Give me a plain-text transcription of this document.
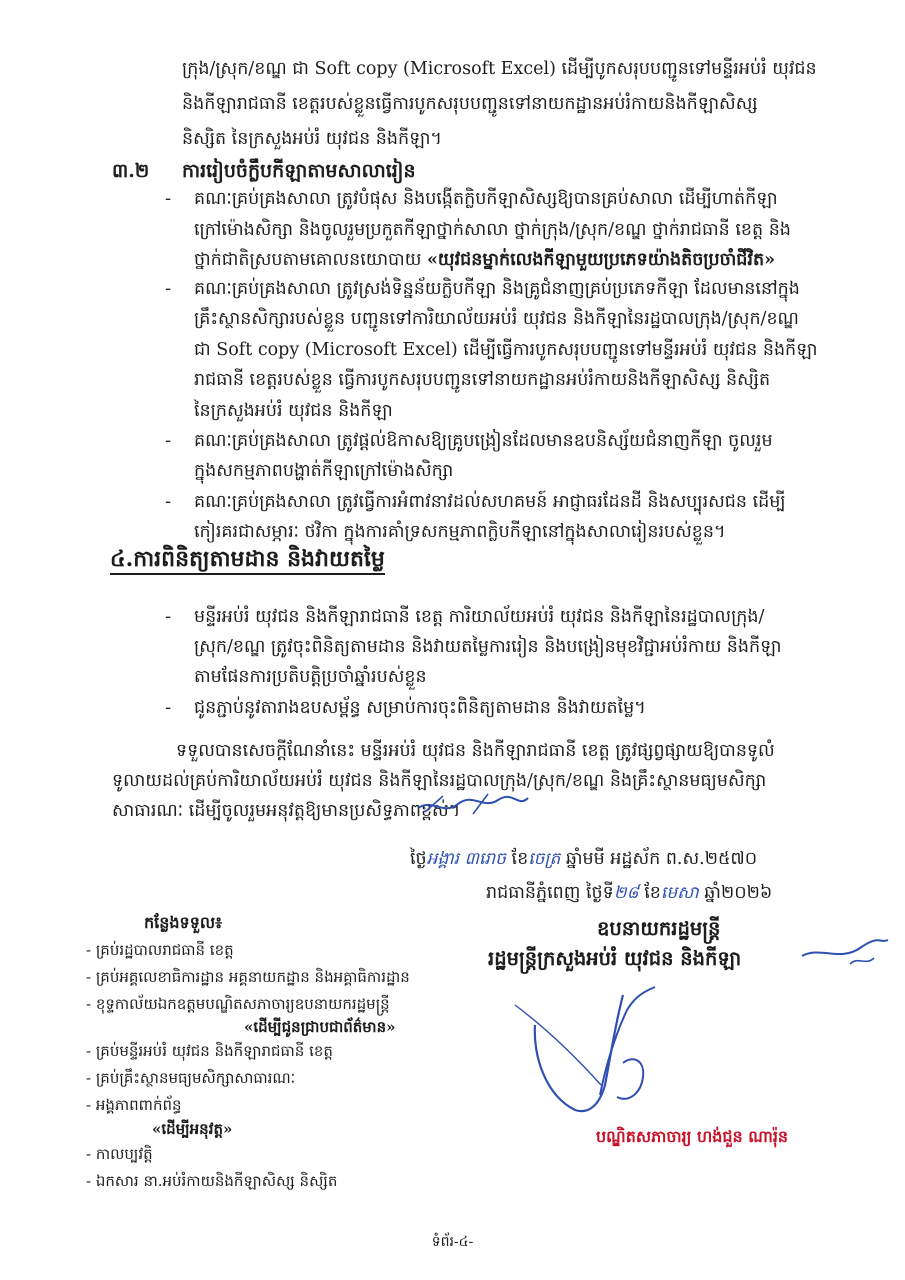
ក្រុង/ស្រុក/ខណ្ឌ ជា Soft copy (Microsoft Excel) ដើម្បីបូកសរុបបញ្ជូនទៅមន្ទីរអប់រំ យុវជន
និងកីឡារាជធានី ខេត្តរបស់ខ្លួនធ្វើការបូកសរុបបញ្ជូនទៅនាយកដ្ឋានអប់រំកាយនិងកីឡាសិស្ស
និស្សិត នៃក្រសួងអប់រំ យុវជន និងកីឡា។
៣.២ ការរៀបចំក្លឹបកីឡាតាមសាលារៀន
- គណៈគ្រប់គ្រងសាលា ត្រូវបំផុស និងបង្កើតក្លិបកីឡាសិស្សឱ្យបានគ្រប់សាលា ដើម្បីហាត់កីឡា
ក្រៅម៉ោងសិក្សា និងចូលរួមប្រកួតកីឡាថ្នាក់សាលា ថ្នាក់ក្រុង/ស្រុក/ខណ្ឌ ថ្នាក់រាជធានី ខេត្ត និង
ថ្នាក់ជាតិស្របតាមគោលនយោបាយ «យុវជនម្នាក់លេងកីឡាមួយប្រភេទយ៉ាងតិចប្រចាំជីវិត»
- គណៈគ្រប់គ្រងសាលា ត្រូវស្រង់ទិន្នន័យក្លិបកីឡា និងគ្រូជំនាញគ្រប់ប្រភេទកីឡា ដែលមាននៅក្នុង
គ្រឹះស្ថានសិក្សារបស់ខ្លួន បញ្ជូនទៅការិយាល័យអប់រំ យុវជន និងកីឡានៃរដ្ឋបាលក្រុង/ស្រុក/ខណ្ឌ
ជា Soft copy (Microsoft Excel) ដើម្បីធ្វើការបូកសរុបបញ្ជូនទៅមន្ទីរអប់រំ យុវជន និងកីឡា
រាជធានី ខេត្តរបស់ខ្លួន ធ្វើការបូកសរុបបញ្ជូនទៅនាយកដ្ឋានអប់រំកាយនិងកីឡាសិស្ស និស្សិត
នៃក្រសួងអប់រំ យុវជន និងកីឡា
- គណៈគ្រប់គ្រងសាលា ត្រូវផ្តល់ឱកាសឱ្យគ្រូបង្រៀនដែលមានឧបនិស្ស័យជំនាញកីឡា ចូលរួម
ក្នុងសកម្មភាពបង្ហាត់កីឡាក្រៅម៉ោងសិក្សា
- គណៈគ្រប់គ្រងសាលា ត្រូវធ្វើការអំពាវនាវដល់សហគមន៍ អាជ្ញាធរដែនដី និងសប្បុរសជន ដើម្បី
កៀរគរជាសម្ភារៈ ថវិកា ក្នុងការគាំទ្រសកម្មភាពក្លិបកីឡានៅក្នុងសាលារៀនរបស់ខ្លួន។
៤.ការពិនិត្យតាមដាន និងវាយតម្លៃ
- មន្ទីរអប់រំ យុវជន និងកីឡារាជធានី ខេត្ត ការិយាល័យអប់រំ យុវជន និងកីឡានៃរដ្ឋបាលក្រុង/
ស្រុក/ខណ្ឌ ត្រូវចុះពិនិត្យតាមដាន និងវាយតម្លៃការរៀន និងបង្រៀនមុខវិជ្ជាអប់រំកាយ និងកីឡា
តាមផែនការប្រតិបត្តិប្រចាំឆ្នាំរបស់ខ្លួន
- ជូនភ្ជាប់នូវតារាងឧបសម្ព័ន្ធ សម្រាប់ការចុះពិនិត្យតាមដាន និងវាយតម្លៃ។
ទទួលបានសេចក្តីណែនាំនេះ មន្ទីរអប់រំ យុវជន និងកីឡារាជធានី ខេត្ត ត្រូវផ្សព្វផ្សាយឱ្យបានទូលំ
ទូលាយដល់គ្រប់ការិយាល័យអប់រំ យុវជន និងកីឡានៃរដ្ឋបាលក្រុង/ស្រុក/ខណ្ឌ និងគ្រឹះស្ថានមធ្យមសិក្សា
សាធារណៈ ដើម្បីចូលរួមអនុវត្តឱ្យមានប្រសិទ្ធភាពខ្ពស់។
ថ្ងៃអង្គារ ៣រោច ខែចេត្រ ឆ្នាំមមី អដ្ឋស័ក ព.ស.២៥៧០
រាជធានីភ្នំពេញ ថ្ងៃទី២៨ ខែមេសា ឆ្នាំ២០២៦
ឧបនាយករដ្ឋមន្ត្រី
រដ្ឋមន្ត្រីក្រសួងអប់រំ យុវជន និងកីឡា
បណ្ឌិតសភាចារ្យ ហង់ជួន ណារ៉ុន
កន្លែងទទួល៖
- គ្រប់រដ្ឋបាលរាជធានី ខេត្ត
- គ្រប់អគ្គលេខាធិការដ្ឋាន អគ្គនាយកដ្ឋាន និងអគ្គាធិការដ្ឋាន
- ខុទ្ទកាល័យឯកឧត្តមបណ្ឌិតសភាចារ្យឧបនាយករដ្ឋមន្ត្រី
«ដើម្បីជូនជ្រាបជាព័ត៌មាន»
- គ្រប់មន្ទីរអប់រំ យុវជន និងកីឡារាជធានី ខេត្ត
- គ្រប់គ្រឹះស្ថានមធ្យមសិក្សាសាធារណៈ
- អង្គភាពពាក់ព័ន្ធ
«ដើម្បីអនុវត្ត»
- កាលប្បវត្តិ
- ឯកសារ នា.អប់រំកាយនិងកីឡាសិស្ស និស្សិត
ទំព័រ-៤-
